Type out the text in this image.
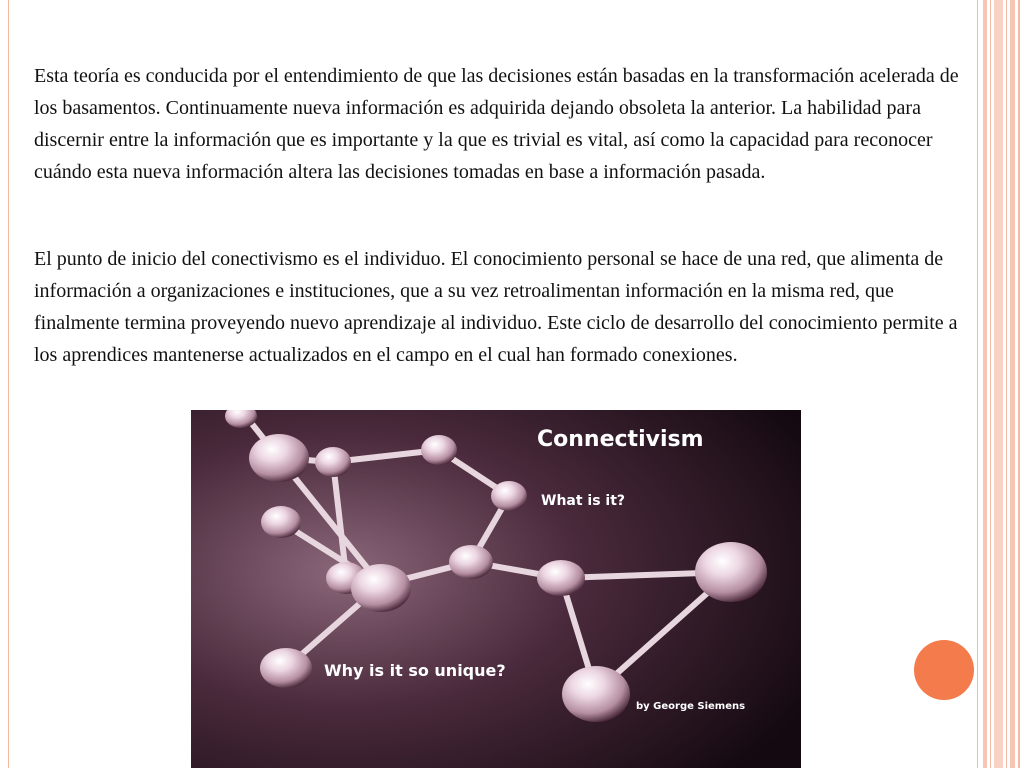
Esta teoría es conducida por el entendimiento de que las decisiones están basadas en la transformación acelerada de los basamentos. Continuamente nueva información es adquirida dejando obsoleta la anterior. La habilidad para discernir entre la información que es importante y la que es trivial es vital, así como la capacidad para reconocer cuándo esta nueva información altera las decisiones tomadas en base a información pasada.

El punto de inicio del conectivismo es el individuo. El conocimiento personal se hace de una red, que alimenta de información a organizaciones e instituciones, que a su vez retroalimentan información en la misma red, que finalmente termina proveyendo nuevo aprendizaje al individuo. Este ciclo de desarrollo del conocimiento permite a los aprendices mantenerse actualizados en el campo en el cual han formado conexiones.

Connectivism
What is it?
Why is it so unique?
by George Siemens
